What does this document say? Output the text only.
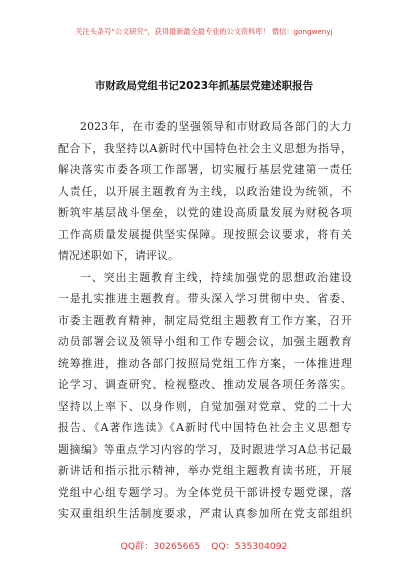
关注头条号“公文研究”，获得最新最全最专业的公文资料库！ 微信：gongwenyj
市财政局党组书记2023年抓基层党建述职报告
2023年，在市委的坚强领导和市财政局各部门的大力
配合下，我坚持以A新时代中国特色社会主义思想为指导，
解决落实市委各项工作部署，切实履行基层党建第一责任
人责任，以开展主题教育为主线，以政治建设为统领，不
断筑牢基层战斗堡垒，以党的建设高质量发展为财税各项
工作高质量发展提供坚实保障。现按照会议要求，将有关
情况述职如下，请评议。
一、突出主题教育主线，持续加强党的思想政治建设
一是扎实推进主题教育。带头深入学习贯彻中央、省委、
市委主题教育精神，制定局党组主题教育工作方案，召开
动员部署会议及领导小组和工作专题会议，加强主题教育
统筹推进，推动各部门按照局党组工作方案，一体推进理
论学习、调查研究、检视整改、推动发展各项任务落实。
坚持以上率下、以身作则，自觉加强对党章、党的二十大
报告、《A著作选读》《A新时代中国特色社会主义思想专
题摘编》等重点学习内容的学习，及时跟进学习A总书记最
新讲话和指示批示精神，举办党组主题教育读书班，开展
党组中心组专题学习。为全体党员干部讲授专题党课，落
实双重组织生活制度要求，严肃认真参加所在党支部组织
QQ群：30265665 QQ：535304092
